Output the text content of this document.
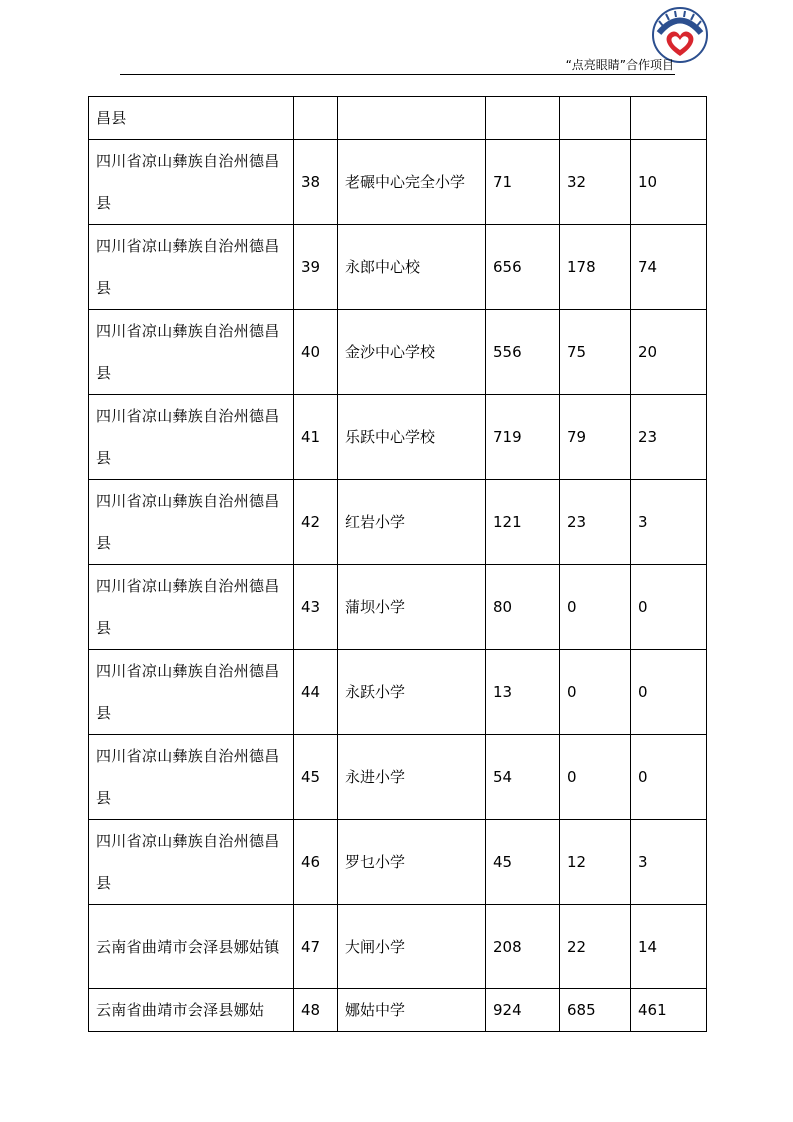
“点亮眼睛”合作项目
昌县					
四川省凉山彝族自治州德昌县	38	老碾中心完全小学	71	32	10
四川省凉山彝族自治州德昌县	39	永郎中心校	656	178	74
四川省凉山彝族自治州德昌县	40	金沙中心学校	556	75	20
四川省凉山彝族自治州德昌县	41	乐跃中心学校	719	79	23
四川省凉山彝族自治州德昌县	42	红岩小学	121	23	3
四川省凉山彝族自治州德昌县	43	蒲坝小学	80	0	0
四川省凉山彝族自治州德昌县	44	永跃小学	13	0	0
四川省凉山彝族自治州德昌县	45	永进小学	54	0	0
四川省凉山彝族自治州德昌县	46	罗乜小学	45	12	3
云南省曲靖市会泽县娜姑镇	47	大闸小学	208	22	14
云南省曲靖市会泽县娜姑	48	娜姑中学	924	685	461
